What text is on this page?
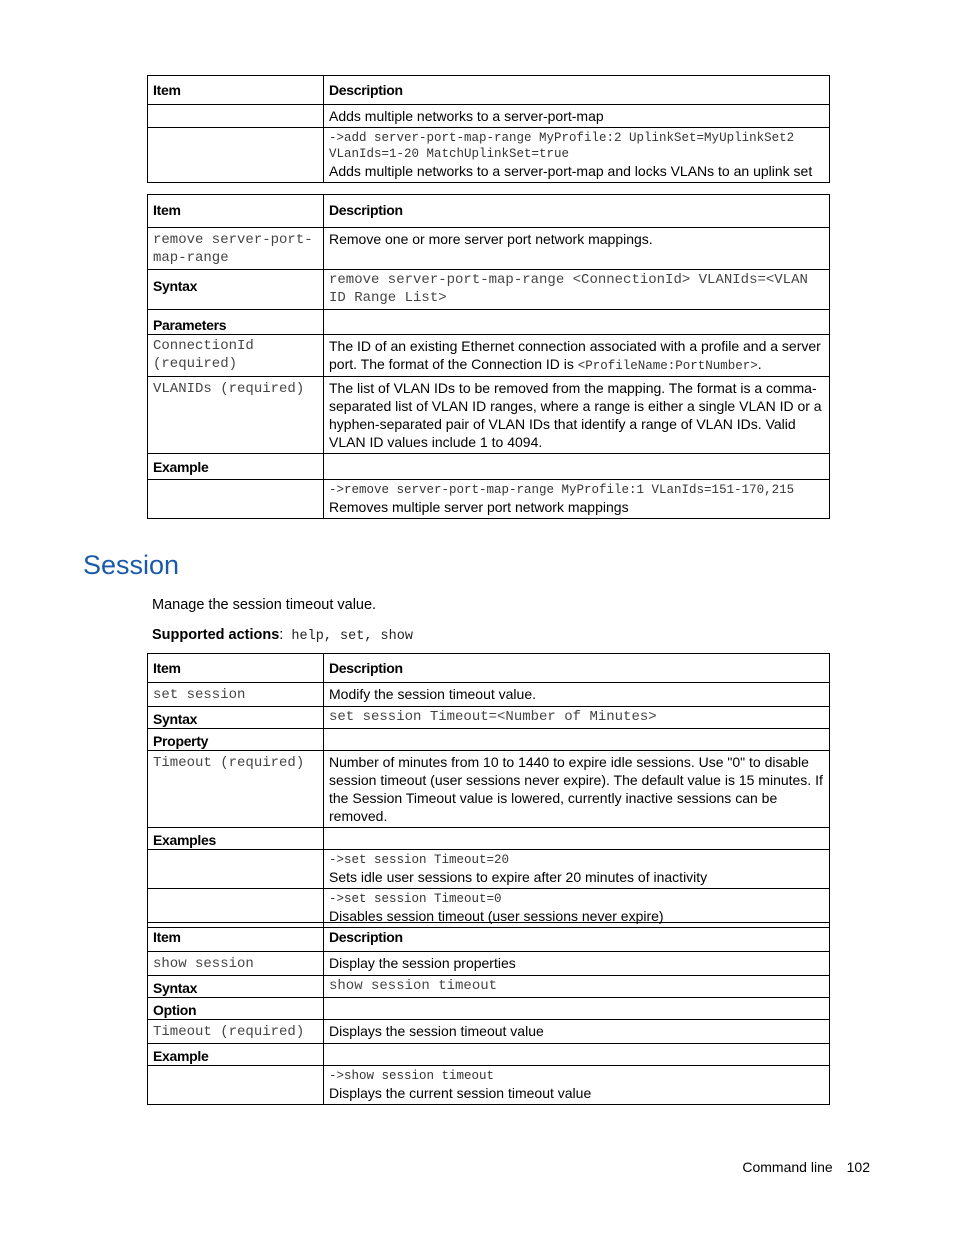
Item	Description
	Adds multiple networks to a server-port-map

	->add server-port-map-range MyProfile:2 UplinkSet=MyUplinkSet2 VLanIds=1-20 MatchUplinkSet=true
Adds multiple networks to a server-port-map and locks VLANs to an uplink set
Item	Description
remove server-port-map-range	Remove one or more server port network mappings.
Syntax	remove server-port-map-range <ConnectionId> VLANIds=<VLAN ID Range List>
Parameters	
ConnectionId (required)	The ID of an existing Ethernet connection associated with a profile and a server port. The format of the Connection ID is <ProfileName:PortNumber>.
VLANIDs (required)	The list of VLAN IDs to be removed from the mapping. The format is a comma-separated list of VLAN ID ranges, where a range is either a single VLAN ID or a hyphen-separated pair of VLAN IDs that identify a range of VLAN IDs. Valid VLAN ID values include 1 to 4094.
Example	

	->remove server-port-map-range MyProfile:1 VLanIds=151-170,215
Removes multiple server port network mappings
Session

Manage the session timeout value.

Supported actions: help, set, show

Item	Description
set session	Modify the session timeout value.
Syntax	set session Timeout=<Number of Minutes>
Property	
Timeout (required)	Number of minutes from 10 to 1440 to expire idle sessions. Use "0" to disable session timeout (user sessions never expire). The default value is 15 minutes. If the Session Timeout value is lowered, currently inactive sessions can be removed.
Examples	

	->set session Timeout=20
Sets idle user sessions to expire after 20 minutes of inactivity

	->set session Timeout=0
Disables session timeout (user sessions never expire)
Item	Description
show session	Display the session properties
Syntax	show session timeout
Option	
Timeout (required)	Displays the session timeout value
Example	

	->show session timeout
Displays the current session timeout value
Command line 102
